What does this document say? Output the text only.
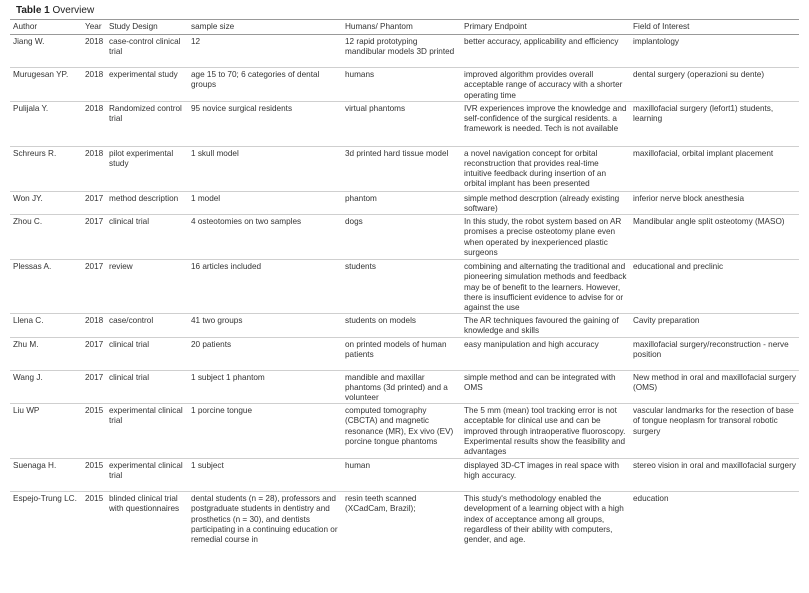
Table 1 Overview
Author	Year	Study Design	sample size	Humans/ Phantom	Primary Endpoint	Field of Interest
Jiang W.	2018	case-control clinical trial	12	12 rapid prototyping mandibular models 3D printed	better accuracy, applicability and efficiency	implantology
Murugesan YP.	2018	experimental study	age 15 to 70; 6 categories of dental groups	humans	improved algorithm provides overall acceptable range of accuracy with a shorter operating time	dental surgery (operazioni su dente)
Pulijala Y.	2018	Randomized control trial	95 novice surgical residents	virtual phantoms	IVR experiences improve the knowledge and self-confidence of the surgical residents. a framework is needed. Tech is not available	maxillofacial surgery (lefort1) students, learning
Schreurs R.	2018	pilot experimental study	1 skull model	3d printed hard tissue model	a novel navigation concept for orbital reconstruction that provides real-time intuitive feedback during insertion of an orbital implant has been presented	maxillofacial, orbital implant placement
Won JY.	2017	method description	1 model	phantom	simple method descrption (already existing software)	inferior nerve block anesthesia
Zhou C.	2017	clinical trial	4 osteotomies on two samples	dogs	In this study, the robot system based on AR promises a precise osteotomy plane even when operated by inexperienced plastic surgeons	Mandibular angle split osteotomy (MASO)
Plessas A.	2017	review	16 articles included	students	combining and alternating the traditional and pioneering simulation methods and feedback may be of benefit to the learners. However, there is insufficient evidence to advise for or against the use	educational and preclinic
Llena C.	2018	case/control	41 two groups	students on models	The AR techniques favoured the gaining of knowledge and skills	Cavity preparation
Zhu M.	2017	clinical trial	20 patients	on printed models of human patients	easy manipulation and high accuracy	maxillofacial surgery/reconstruction - nerve position
Wang J.	2017	clinical trial	1 subject 1 phantom	mandible and maxillar phantoms (3d printed) and a volunteer	simple method and can be integrated with OMS	New method in oral and maxillofacial surgery (OMS)
Liu WP	2015	experimental clinical trial	1 porcine tongue	computed tomography (CBCTA) and magnetic resonance (MR), Ex vivo (EV) porcine tongue phantoms	The 5 mm (mean) tool tracking error is not acceptable for clinical use and can be improved through intraoperative fluoroscopy. Experimental results show the feasibility and advantages	vascular landmarks for the resection of base of tongue neoplasm for transoral robotic surgery
Suenaga H.	2015	experimental clinical trial	1 subject	human	displayed 3D-CT images in real space with high accuracy.	stereo vision in oral and maxillofacial surgery
Espejo-Trung LC.	2015	blinded clinical trial with questionnaires	dental students (n = 28), professors and postgraduate students in dentistry and prosthetics (n = 30), and dentists participating in a continuing education or remedial course in	resin teeth scanned (XCadCam, Brazil);	This study's methodology enabled the development of a learning object with a high index of acceptance among all groups, regardless of their ability with computers, gender, and age.	education
